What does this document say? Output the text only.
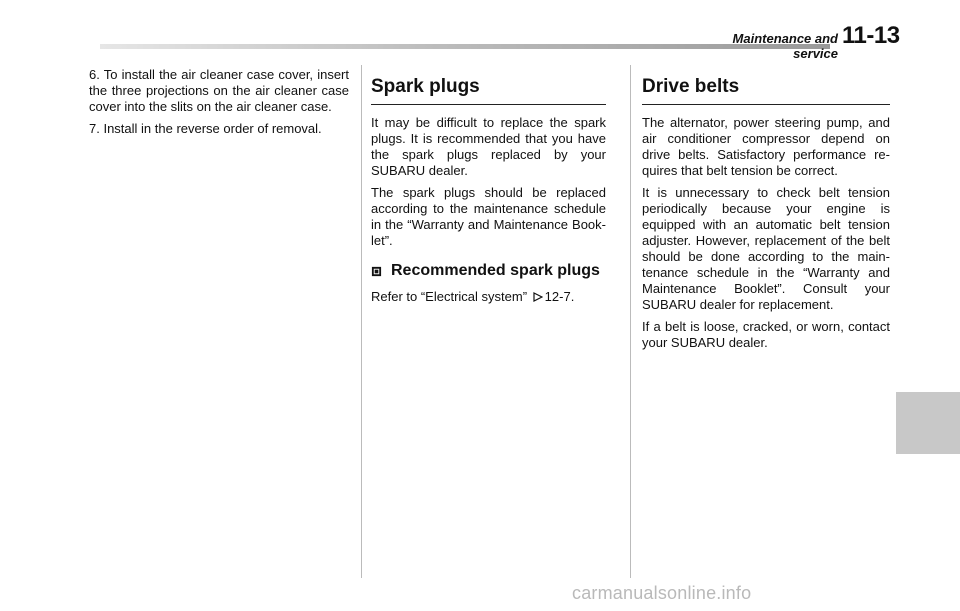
Maintenance and service
11-13

6. To install the air cleaner case cover, insert the three projections on the air cleaner case cover into the slits on the air cleaner case.

7. Install in the reverse order of removal.

Spark plugs

It may be difficult to replace the spark plugs. It is recommended that you have the spark plugs replaced by your SUBARU dealer.

The spark plugs should be replaced according to the maintenance schedule in the “Warranty and Maintenance Book-let”.

Recommended spark plugs

Refer to “Electrical system” 12-7.

Drive belts

The alternator, power steering pump, and air conditioner compressor depend on drive belts. Satisfactory performance re-quires that belt tension be correct.

It is unnecessary to check belt tension periodically because your engine is equipped with an automatic belt tension adjuster. However, replacement of the belt should be done according to the main-tenance schedule in the “Warranty and Maintenance Booklet”. Consult your SUBARU dealer for replacement.

If a belt is loose, cracked, or worn, contact your SUBARU dealer.

carmanualsonline.info
